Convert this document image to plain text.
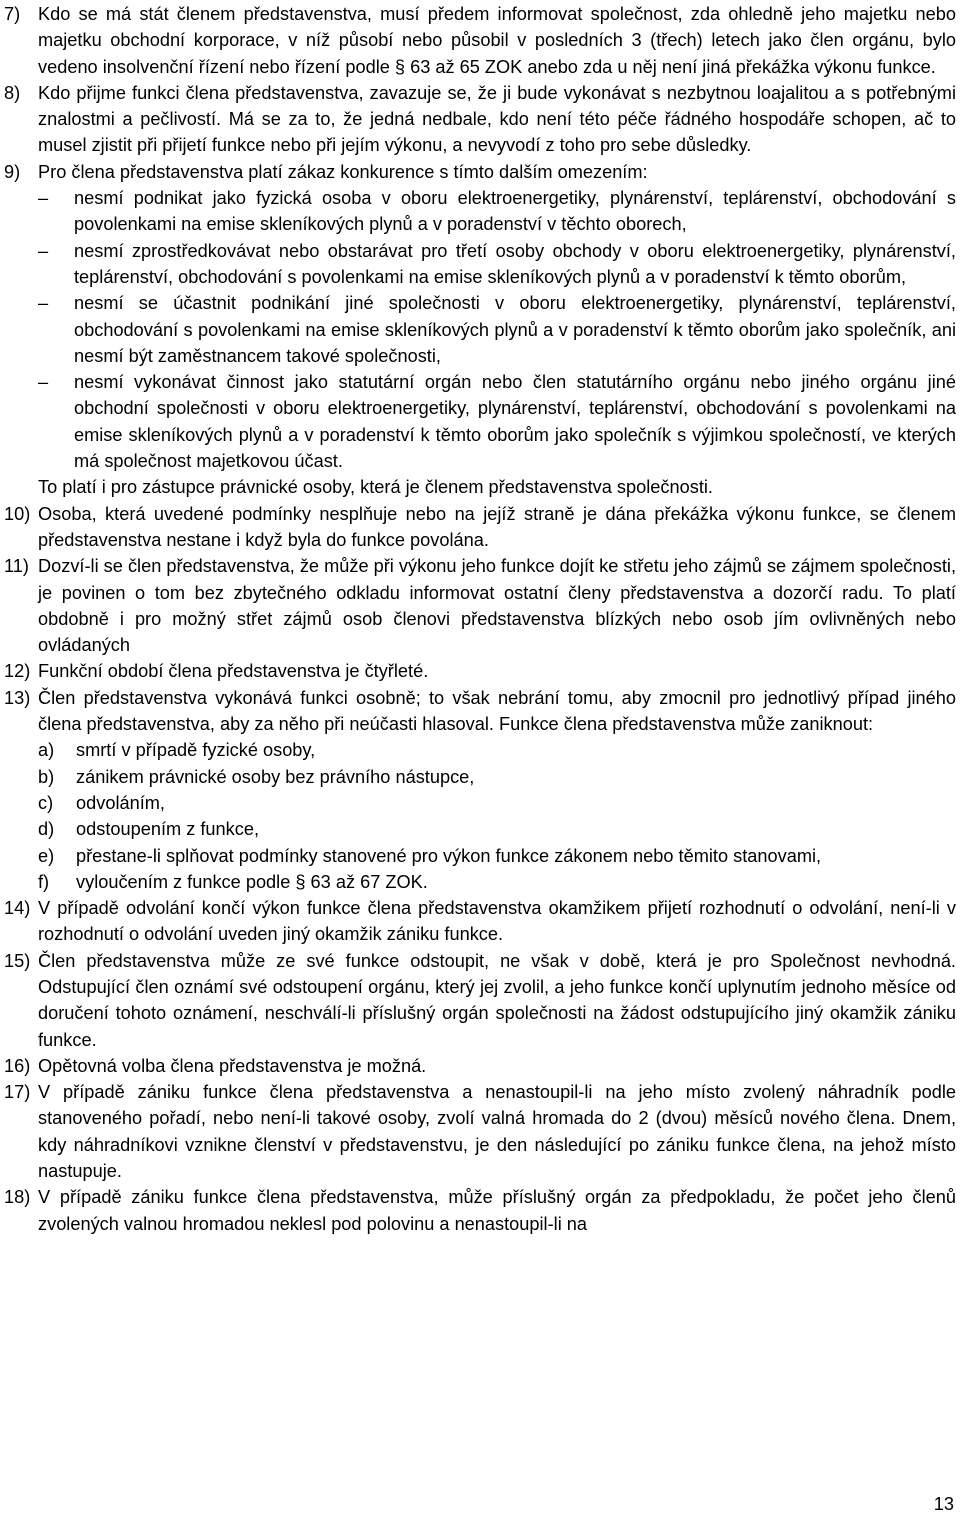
7) Kdo se má stát členem představenstva, musí předem informovat společnost, zda ohledně jeho majetku nebo majetku obchodní korporace, v níž působí nebo působil v posledních 3 (třech) letech jako člen orgánu, bylo vedeno insolvenční řízení nebo řízení podle § 63 až 65 ZOK anebo zda u něj není jiná překážka výkonu funkce.
8) Kdo přijme funkci člena představenstva, zavazuje se, že ji bude vykonávat s nezbytnou loajalitou a s potřebnými znalostmi a pečlivostí. Má se za to, že jedná nedbale, kdo není této péče řádného hospodáře schopen, ač to musel zjistit při přijetí funkce nebo při jejím výkonu, a nevyvodí z toho pro sebe důsledky.
9) Pro člena představenstva platí zákaz konkurence s tímto dalším omezením:
–	nesmí podnikat jako fyzická osoba v oboru elektroenergetiky, plynárenství, teplárenství, obchodování s povolenkami na emise skleníkových plynů a v poradenství v těchto oborech,
–	nesmí zprostředkovávat nebo obstarávat pro třetí osoby obchody v oboru elektroenergetiky, plynárenství, teplárenství, obchodování s povolenkami na emise skleníkových plynů a v poradenství k těmto oborům,
–	nesmí se účastnit podnikání jiné společnosti v oboru elektroenergetiky, plynárenství, teplárenství, obchodování s povolenkami na emise skleníkových plynů a v poradenství k těmto oborům jako společník, ani nesmí být zaměstnancem takové společnosti,
–	nesmí vykonávat činnost jako statutární orgán nebo člen statutárního orgánu nebo jiného orgánu jiné obchodní společnosti v oboru elektroenergetiky, plynárenství, teplárenství, obchodování s povolenkami na emise skleníkových plynů a v poradenství k těmto oborům jako společník s výjimkou společností, ve kterých má společnost majetkovou účast.
To platí i pro zástupce právnické osoby, která je členem představenstva společnosti.
10) Osoba, která uvedené podmínky nesplňuje nebo na jejíž straně je dána překážka výkonu funkce, se členem představenstva nestane i když byla do funkce povolána.
11) Dozví-li se člen představenstva, že může při výkonu jeho funkce dojít ke střetu jeho zájmů se zájmem společnosti, je povinen o tom bez zbytečného odkladu informovat ostatní členy představenstva a dozorčí radu. To platí obdobně i pro možný střet zájmů osob členovi představenstva blízkých nebo osob jím ovlivněných nebo ovládaných
12) Funkční období člena představenstva je čtyřleté.
13) Člen představenstva vykonává funkci osobně; to však nebrání tomu, aby zmocnil pro jednotlivý případ jiného člena představenstva, aby za něho při neúčasti hlasoval. Funkce člena představenstva může zaniknout:
a)	smrtí v případě fyzické osoby,
b)	zánikem právnické osoby bez právního nástupce,
c)	odvoláním,
d)	odstoupením z funkce,
e)	přestane-li splňovat podmínky stanovené pro výkon funkce zákonem nebo těmito stanovami,
f)	vyloučením z funkce podle § 63 až 67 ZOK.
14) V případě odvolání končí výkon funkce člena představenstva okamžikem přijetí rozhodnutí o odvolání, není-li v rozhodnutí o odvolání uveden jiný okamžik zániku funkce.
15) Člen představenstva může ze své funkce odstoupit, ne však v době, která je pro Společnost nevhodná. Odstupující člen oznámí své odstoupení orgánu, který jej zvolil, a jeho funkce končí uplynutím jednoho měsíce od doručení tohoto oznámení, neschválí-li příslušný orgán společnosti na žádost odstupujícího jiný okamžik zániku funkce.
16) Opětovná volba člena představenstva je možná.
17) V případě zániku funkce člena představenstva a nenastoupil-li na jeho místo zvolený náhradník podle stanoveného pořadí, nebo není-li takové osoby, zvolí valná hromada do 2 (dvou) měsíců nového člena. Dnem, kdy náhradníkovi vznikne členství v představenstvu, je den následující po zániku funkce člena, na jehož místo nastupuje.
18) V případě zániku funkce člena představenstva, může příslušný orgán za předpokladu, že počet jeho členů zvolených valnou hromadou neklesl pod polovinu a nenastoupil-li na
13
